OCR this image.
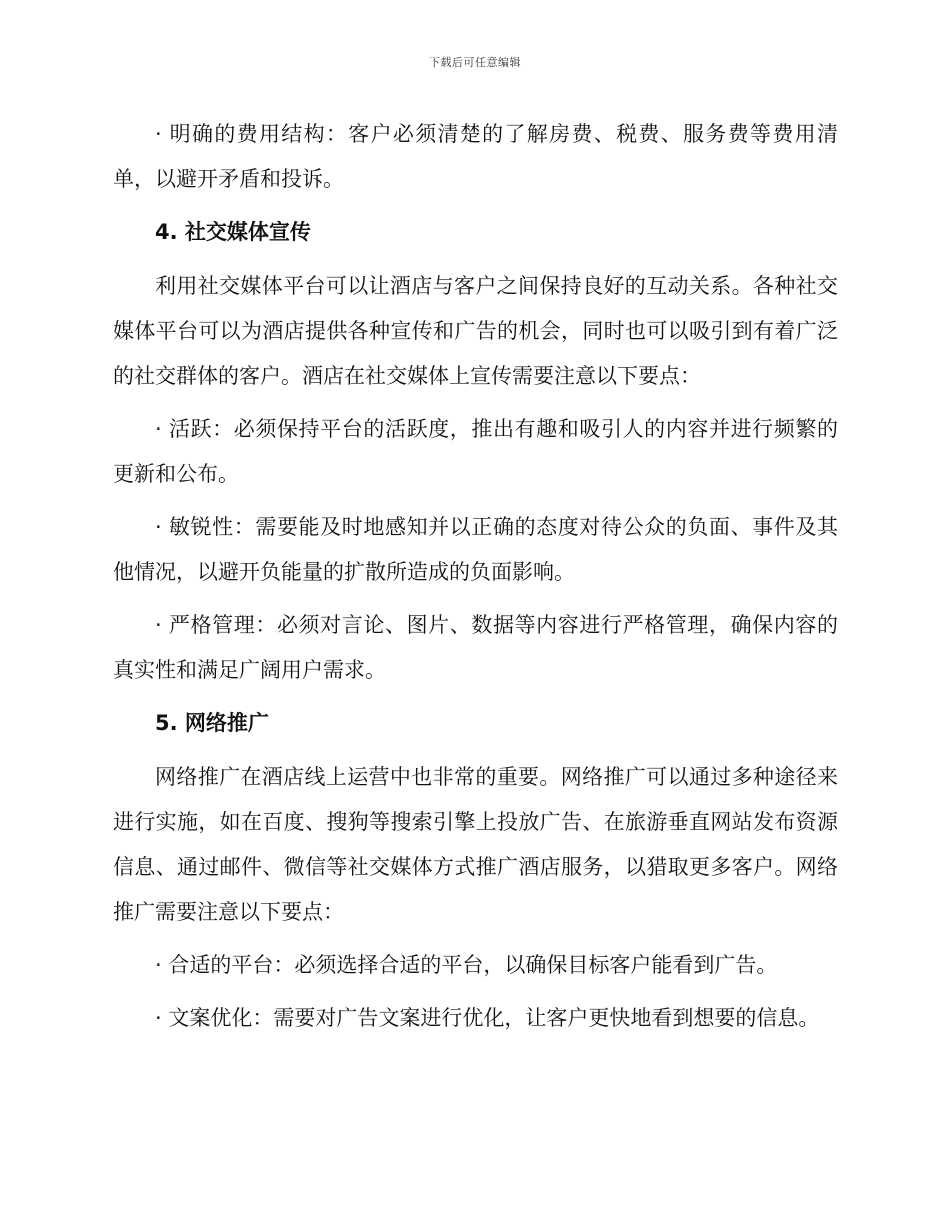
下载后可任意编辑

· 明确的费用结构：客户必须清楚的了解房费、税费、服务费等费用清单，以避开矛盾和投诉。

4. 社交媒体宣传

利用社交媒体平台可以让酒店与客户之间保持良好的互动关系。各种社交媒体平台可以为酒店提供各种宣传和广告的机会，同时也可以吸引到有着广泛的社交群体的客户。酒店在社交媒体上宣传需要注意以下要点：

· 活跃：必须保持平台的活跃度，推出有趣和吸引人的内容并进行频繁的更新和公布。

· 敏锐性：需要能及时地感知并以正确的态度对待公众的负面、事件及其他情况，以避开负能量的扩散所造成的负面影响。

· 严格管理：必须对言论、图片、数据等内容进行严格管理，确保内容的真实性和满足广阔用户需求。

5. 网络推广

网络推广在酒店线上运营中也非常的重要。网络推广可以通过多种途径来进行实施，如在百度、搜狗等搜索引擎上投放广告、在旅游垂直网站发布资源信息、通过邮件、微信等社交媒体方式推广酒店服务，以猎取更多客户。网络推广需要注意以下要点：

· 合适的平台：必须选择合适的平台，以确保目标客户能看到广告。

· 文案优化：需要对广告文案进行优化，让客户更快地看到想要的信息。
